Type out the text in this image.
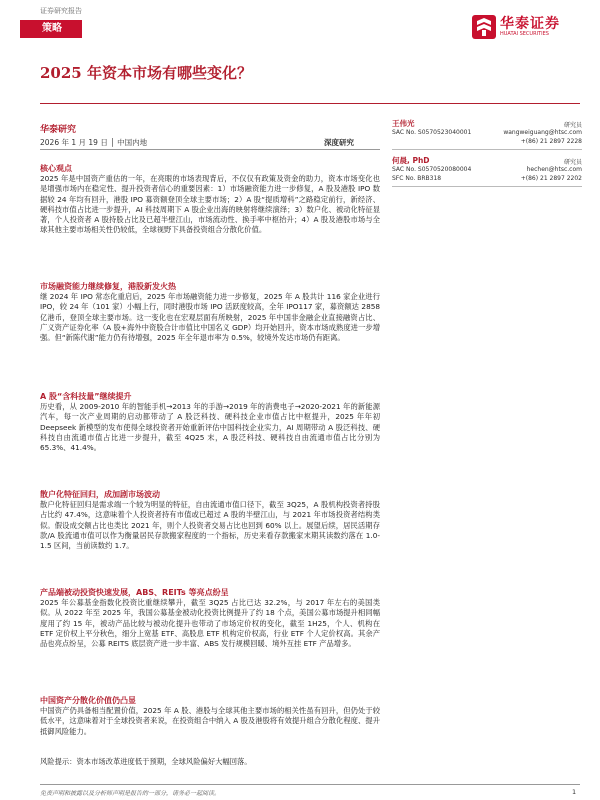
证券研究报告
策略	华泰证券
HUATAI SECURITIES
2025 年资本市场有哪些变化？
华泰研究
2026 年 1 月 19 日 │ 中国内地	深度研究
王伟光	研究员
SAC No. S0570523040001	wangweiguang@htsc.com
+(86) 21 2897 2228
何晨, PhD	研究员
SAC No. S0570520080004	hechen@htsc.com
SFC No. BRB318	+(86) 21 2897 2202

核心观点

2025 年是中国资产重估的一年，在亮眼的市场表现背后，不仅仅有政策及资金的助力，资本市场变化也是增强市场内在稳定性、提升投资者信心的重要因素：1）市场融资能力进一步修复，A 股及港股 IPO 数据较 24 年均有回升，港股 IPO 募资额登顶全球主要市场；2）A 股“提质增科”之路稳定前行，新经济、硬科技市值占比进一步提升，AI 科技周期下 A 股企业出海的映射将继续演绎；3）数户化、被动化特征显著，个人投资者 A 股持股占比及已超半壁江山，市场流动性、换手率中枢抬升；4）A 股及港股市场与全球其他主要市场相关性仍较低，全球视野下具备投资组合分散化价值。

市场融资能力继续修复，港股新发火热

继 2024 年 IPO 常态化重启后，2025 年市场融资能力进一步修复，2025 年 A 股共计 116 家企业进行 IPO，较 24 年（101 家）小幅上行，同时港股市场 IPO 活跃度较高，全年 IPO117 家，募资额达 2858 亿港币，登顶全球主要市场。这一变化也在宏观层面有所映射，2025 年中国非金融企业直接融资占比、广义资产证券化率（A 股+海外中资股合计市值比中国名义 GDP）均开始回升，资本市场成熟度进一步增强。但“新陈代谢”能力仍有待增强，2025 年全年退市率为 0.5%，较境外发达市场仍有距离。

A 股“含科技量”继续提升

历史看，从 2009-2010 年的智能手机→2013 年的手游→2019 年的消费电子→2020-2021 年的新能源汽车，每一次产业周期的启动都带动了 A 股泛科技、硬科技企业市值占比中枢提升，2025 年年初 Deepseek 新模型的发布使得全球投资者开始重新评估中国科技企业实力，AI 周期带动 A 股泛科技、硬科技自由流通市值占比进一步提升，截至 4Q25 末，A 股泛科技、硬科技自由流通市值占比分别为 65.3%、41.4%。

散户化特征回归，成加剧市场波动

散户化特征回归是需求端一个较为明显的特征，自由流通市值口径下，截至 3Q25，A 股机构投资者持股占比约 47.4%，这意味着个人投资者持有市值或已超过 A 股的半壁江山，与 2021 年市场投资者结构类似。假设成交额占比也类比 2021 年，则个人投资者交易占比也回到 60% 以上。展望后续，居民活期存款/A 股流通市值可以作为衡量居民存款搬家程度的一个指标，历史来看存款搬家末期其读数约落在 1.0-1.5 区间，当前读数约 1.7。

产品端被动投资快速发展，ABS、REITs 等亮点纷呈

2025 年公募基金指数化投资比重继续攀升，截至 3Q25 占比已达 32.2%，与 2017 年左右的美国类似。从 2022 年至 2025 年，我国公募基金被动化投资比例提升了约 18 个点，美国公募市场提升相同幅度用了约 15 年，被动产品比较与被动化提升也带动了市场定价权的变化，截至 1H25，个人、机构在 ETF 定价权上平分秋色，细分上宽基 ETF、高股息 ETF 机构定价权高，行业 ETF 个人定价权高。其余产品也亮点纷呈，公募 REITS 底层资产进一步丰富、ABS 发行规模回暖、境外互挂 ETF 产品增多。

中国资产分散化价值仍凸显

中国资产仍具备相当配置价值，2025 年 A 股、港股与全球其他主要市场的相关性虽有回升，但仍处于较低水平，这意味着对于全球投资者来说，在投资组合中纳入 A 股及港股将有效提升组合分散化程度、提升抵御风险能力。

风险提示：资本市场改革进度低于预期，全球风险偏好大幅回落。
免责声明和披露以及分析师声明是报告的一部分，请务必一起阅读。	1
